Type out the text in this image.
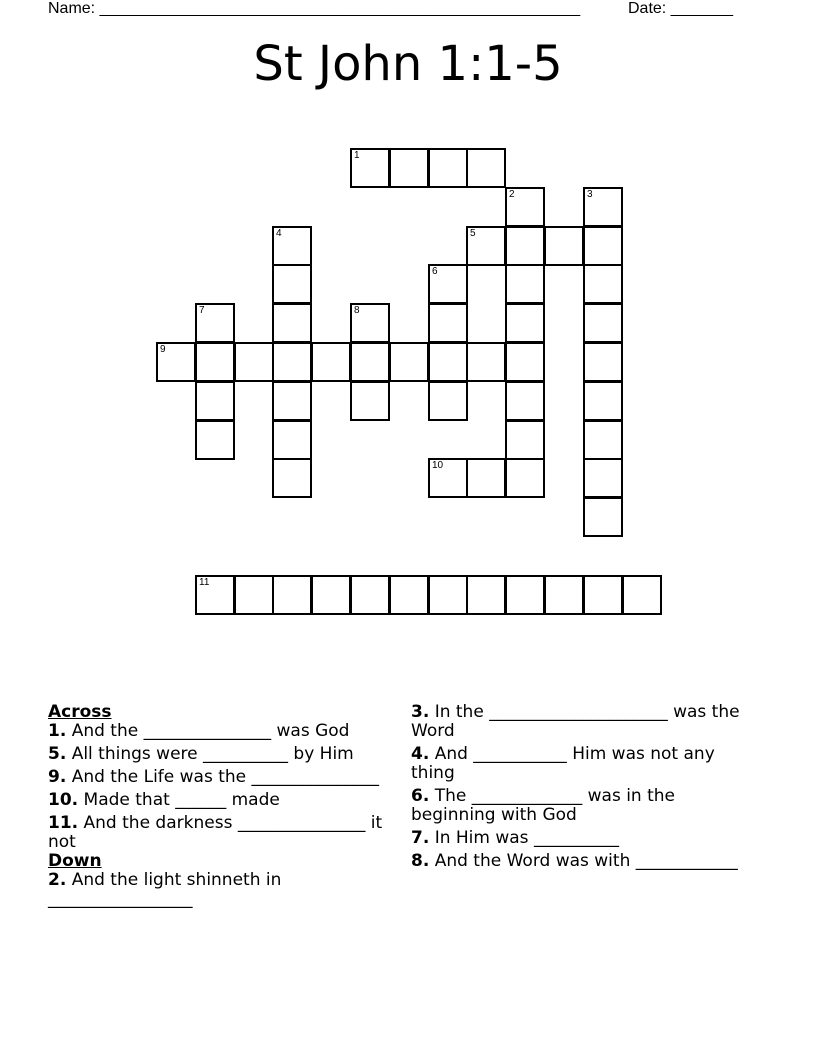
Name: ______________________________________________________	Date: _______
St John 1:1-5
1
2	3
4	5
6
7	8
9
10
11

Across

1. And the _______________ was God

5. All things were __________ by Him

9. And the Life was the _______________

10. Made that ______ made

11. And the darkness _______________ it not

Down

2. And the light shinneth in _________________

3. In the _____________________ was the Word

4. And ___________ Him was not any thing

6. The _____________ was in the beginning with God

7. In Him was __________

8. And the Word was with ____________
